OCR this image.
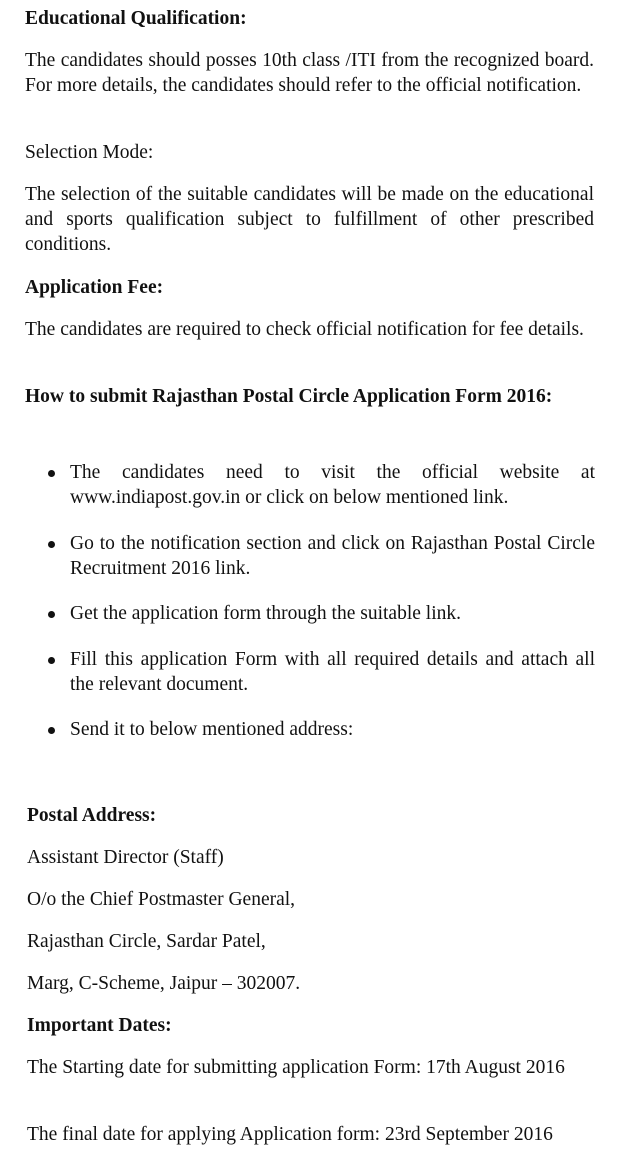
Educational Qualification:

The candidates should posses 10th class /ITI from the recognized board. For more details, the candidates should refer to the official notification.

Selection Mode:

The selection of the suitable candidates will be made on the educational and sports qualification subject to fulfillment of other prescribed conditions.

Application Fee:

The candidates are required to check official notification for fee details.

How to submit Rajasthan Postal Circle Application Form 2016:

The candidates need to visit the official website at www.indiapost.gov.in or click on below mentioned link.
Go to the notification section and click on Rajasthan Postal Circle Recruitment 2016 link.
Get the application form through the suitable link.
Fill this application Form with all required details and attach all the relevant document.
Send it to below mentioned address:

Postal Address:

Assistant Director (Staff)

O/o the Chief Postmaster General,

Rajasthan Circle, Sardar Patel,

Marg, C-Scheme, Jaipur – 302007.

Important Dates:

The Starting date for submitting application Form: 17th August 2016

The final date for applying Application form: 23rd September 2016
